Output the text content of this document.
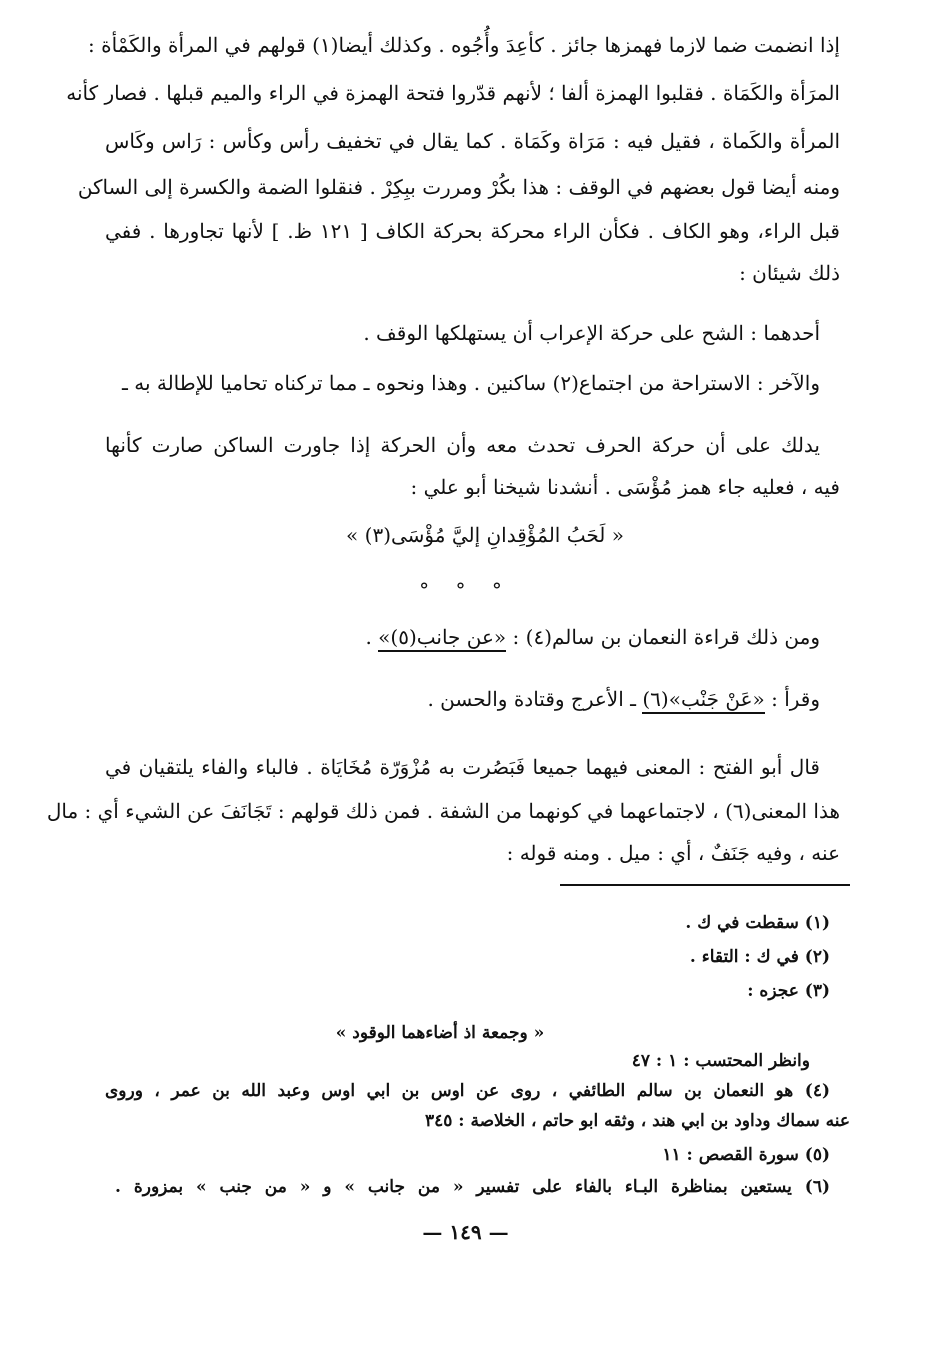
إذا انضمت ضما لازما فهمزها جائز . كأعِدَ وأُجُوه . وكذلك أيضا(١) قولهم في المرأة والكَمْأة :
المرَأة والكَمَاة . فقلبوا الهمزة ألفا ؛ لأنهم قدّروا فتحة الهمزة في الراء والميم قبلها . فصار كأنه
المرأة والكَماة ، فقيل فيه : مَرَاة وكَمَاة . كما يقال في تخفيف رأس وكأس : رَاس وكَاس
ومنه أيضا قول بعضهم في الوقف : هذا بكُرْ ومررت ببِكِرْ . فنقلوا الضمة والكسرة إلى الساكن
قبل الراء، وهو الكاف . فكأن الراء محركة بحركة الكاف [ ١٢١ ظ. ] لأنها تجاورها . ففي
ذلك شيئان :
أحدهما : الشح على حركة الإعراب أن يستهلكها الوقف .
والآخر : الاستراحة من اجتماع(٢) ساكنين . وهذا ونحوه ـ مما تركناه تحاميا للإطالة به ـ
يدلك على أن حركة الحرف تحدث معه وأن الحركة إذا جاورت الساكن صارت كأنها
فيه ، فعليه جاء همز مُؤْسَى . أنشدنا شيخنا أبو علي :
« لَحَبُ المُؤْقِدانِ إليَّ مُؤْسَى(٣) »
° ° °
ومن ذلك قراءة النعمان بن سالم(٤) : «عن جانب(٥)» .
وقرأ : «عَنْ جَنْب»(٦) ـ الأعرج وقتادة والحسن .
قال أبو الفتح : المعنى فيهما جميعا فَبَصُرت به مُزْوَرّة مُخَايَاة . فالباء والفاء يلتقيان في
هذا المعنى(٦) ، لاجتماعهما في كونهما من الشفة . فمن ذلك قولهم : تَجَانَفَ عن الشيء أي : مال
عنه ، وفيه جَنَفٌ ، أي : ميل . ومنه قوله :
(١) سقطت في ك .
(٢) في ك : التقاء .
(٣) عجزه :
« وجمعة اذ أضاءهما الوقود »
وانظر المحتسب : ١ : ٤٧
(٤) هو النعمان بن سالم الطائفي ، روى عن اوس بن ابي اوس وعبد الله بن عمر ، وروى
عنه سماك وداود بن ابي هند ، وثقه ابو حاتم ، الخلاصة : ٣٤٥
(٥) سورة القصص : ١١
(٦) يستعين بمناظرة البـاء بالفاء على تفسير « من جانب » و « من جنب » بمزورة .
— ١٤٩ —
